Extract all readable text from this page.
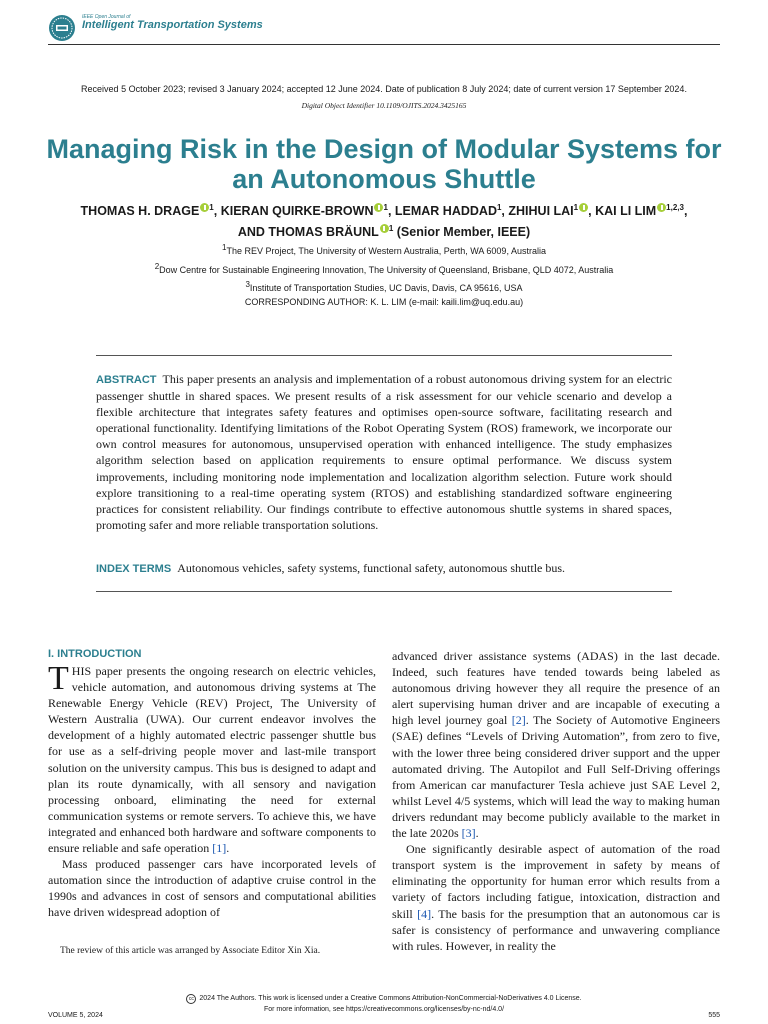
IEEE Open Journal of
Intelligent Transportation Systems
Received 5 October 2023; revised 3 January 2024; accepted 12 June 2024. Date of publication 8 July 2024; date of current version 17 September 2024.
Digital Object Identifier 10.1109/OJITS.2024.3425165
Managing Risk in the Design of Modular Systems for an Autonomous Shuttle
THOMAS H. DRAGE $^1$, KIERAN QUIRKE-BROWN $^1$, LEMAR HADDAD$^1$, ZHIHUI LAI$^1$ , KAI LI LIM $^{1,2,3}$,
AND THOMAS BRÄUNL $^1$ (Senior Member, IEEE)
$^1$The REV Project, The University of Western Australia, Perth, WA 6009, Australia
$^2$Dow Centre for Sustainable Engineering Innovation, The University of Queensland, Brisbane, QLD 4072, Australia
$^3$Institute of Transportation Studies, UC Davis, Davis, CA 95616, USA
CORRESPONDING AUTHOR: K. L. LIM (e-mail: kaili.lim@uq.edu.au)
ABSTRACT This paper presents an analysis and implementation of a robust autonomous driving system for an electric passenger shuttle in shared spaces. We present results of a risk assessment for our vehicle scenario and develop a flexible architecture that integrates safety features and optimises open-source software, facilitating research and operational functionality. Identifying limitations of the Robot Operating System (ROS) framework, we incorporate our own control measures for autonomous, unsupervised operation with enhanced intelligence. The study emphasizes algorithm selection based on application requirements to ensure optimal performance. We discuss system improvements, including monitoring node implementation and localization algorithm selection. Future work should explore transitioning to a real-time operating system (RTOS) and establishing standardized software engineering practices for consistent reliability. Our findings contribute to effective autonomous shuttle systems in shared spaces, promoting safer and more reliable transportation solutions.
INDEX TERMS Autonomous vehicles, safety systems, functional safety, autonomous shuttle bus.
I. INTRODUCTION

THIS paper presents the ongoing research on electric vehicles, vehicle automation, and autonomous driving systems at The Renewable Energy Vehicle (REV) Project, The University of Western Australia (UWA). Our current endeavor involves the development of a highly automated electric passenger shuttle bus for use as a self-driving people mover and last-mile transport solution on the university campus. This bus is designed to adapt and plan its route dynamically, with all sensory and navigation processing onboard, eliminating the need for external communication systems or remote servers. To achieve this, we have integrated and enhanced both hardware and software components to ensure reliable and safe operation [1].

Mass produced passenger cars have incorporated levels of automation since the introduction of adaptive cruise control in the 1990s and advances in cost of sensors and computational abilities have driven widespread adoption of

advanced driver assistance systems (ADAS) in the last decade. Indeed, such features have tended towards being labeled as autonomous driving however they all require the presence of an alert supervising human driver and are incapable of executing a high level journey goal [2]. The Society of Automotive Engineers (SAE) defines “Levels of Driving Automation”, from zero to five, with the lower three being considered driver support and the upper automated driving. The Autopilot and Full Self-Driving offerings from American car manufacturer Tesla achieve just SAE Level 2, whilst Level 4/5 systems, which will lead the way to making human drivers redundant may become publicly available to the market in the late 2020s [3].

One significantly desirable aspect of automation of the road transport system is the improvement in safety by means of eliminating the opportunity for human error which results from a variety of factors including fatigue, intoxication, distraction and skill [4]. The basis for the presumption that an autonomous car is safer is consistency of performance and unwavering compliance with rules. However, in reality the

The review of this article was arranged by Associate Editor Xin Xia.
cc 2024 The Authors. This work is licensed under a Creative Commons Attribution-NonCommercial-NoDerivatives 4.0 License.
For more information, see https://creativecommons.org/licenses/by-nc-nd/4.0/
VOLUME 5, 2024	555
